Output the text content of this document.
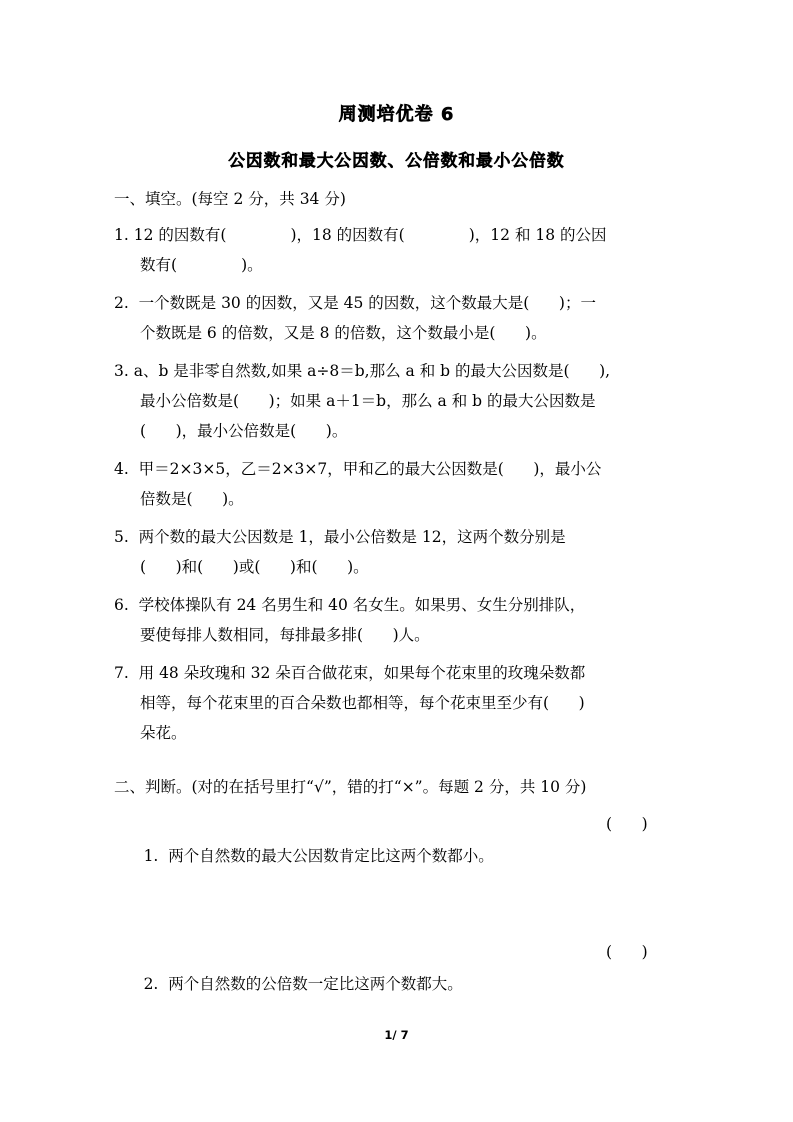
周测培优卷 6
公因数和最大公因数、公倍数和最小公倍数
一、填空。(每空 2 分，共 34 分)
1. 12 的因数有(             )，18 的因数有(             )，12 和 18 的公因
数有(             )。
2.  一个数既是 30 的因数，又是 45 的因数，这个数最大是(      )；一
个数既是 6 的倍数，又是 8 的倍数，这个数最小是(      )。
3. a、b 是非零自然数,如果 a÷8＝b,那么 a 和 b 的最大公因数是(      ),
最小公倍数是(      )；如果 a＋1＝b，那么 a 和 b 的最大公因数是
(      )，最小公倍数是(      )。
4.  甲＝2×3×5，乙＝2×3×7，甲和乙的最大公因数是(      )，最小公
倍数是(      )。
5.  两个数的最大公因数是 1，最小公倍数是 12，这两个数分别是
(      )和(      )或(      )和(      )。
6.  学校体操队有 24 名男生和 40 名女生。如果男、女生分别排队，
要使每排人数相同，每排最多排(      )人。
7.  用 48 朵玫瑰和 32 朵百合做花束，如果每个花束里的玫瑰朵数都
相等，每个花束里的百合朵数也都相等，每个花束里至少有(      )
朵花。
二、判断。(对的在括号里打“√”，错的打“×”。每题 2 分，共 10 分)

1.  两个自然数的最大公因数肯定比这两个数都小。

(      )

2.  两个自然数的公倍数一定比这两个数都大。

(      )

1/ 7
